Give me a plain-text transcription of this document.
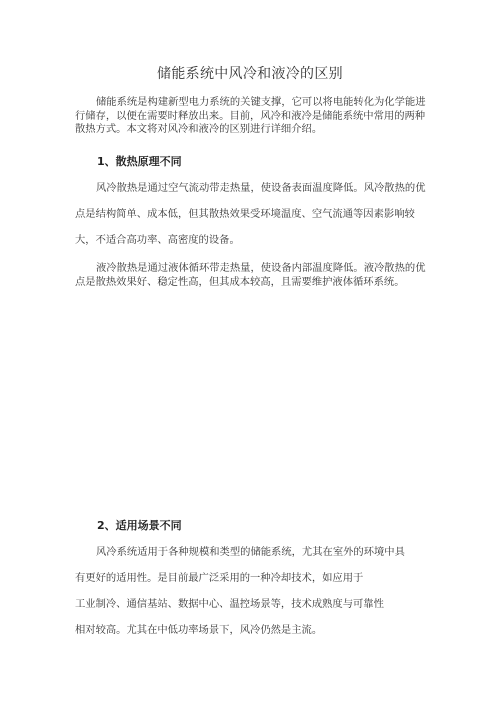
储能系统中风冷和液冷的区别

储能系统是构建新型电力系统的关键支撑，它可以将电能转化为化学能进行储存，以便在需要时释放出来。目前，风冷和液冷是储能系统中常用的两种散热方式。本文将对风冷和液冷的区别进行详细介绍。

1、散热原理不同

风冷散热是通过空气流动带走热量，使设备表面温度降低。风冷散热的优点是结构简单、成本低，但其散热效果受环境温度、空气流通等因素影响较大，不适合高功率、高密度的设备。

液冷散热是通过液体循环带走热量，使设备内部温度降低。液冷散热的优点是散热效果好、稳定性高，但其成本较高，且需要维护液体循环系统。

2、适用场景不同
风冷系统适用于各种规模和类型的储能系统，尤其在室外的环境中具
有更好的适用性。是目前最广泛采用的一种冷却技术，如应用于
工业制冷、通信基站、数据中心、温控场景等，技术成熟度与可靠性
相对较高。尤其在中低功率场景下，风冷仍然是主流。
